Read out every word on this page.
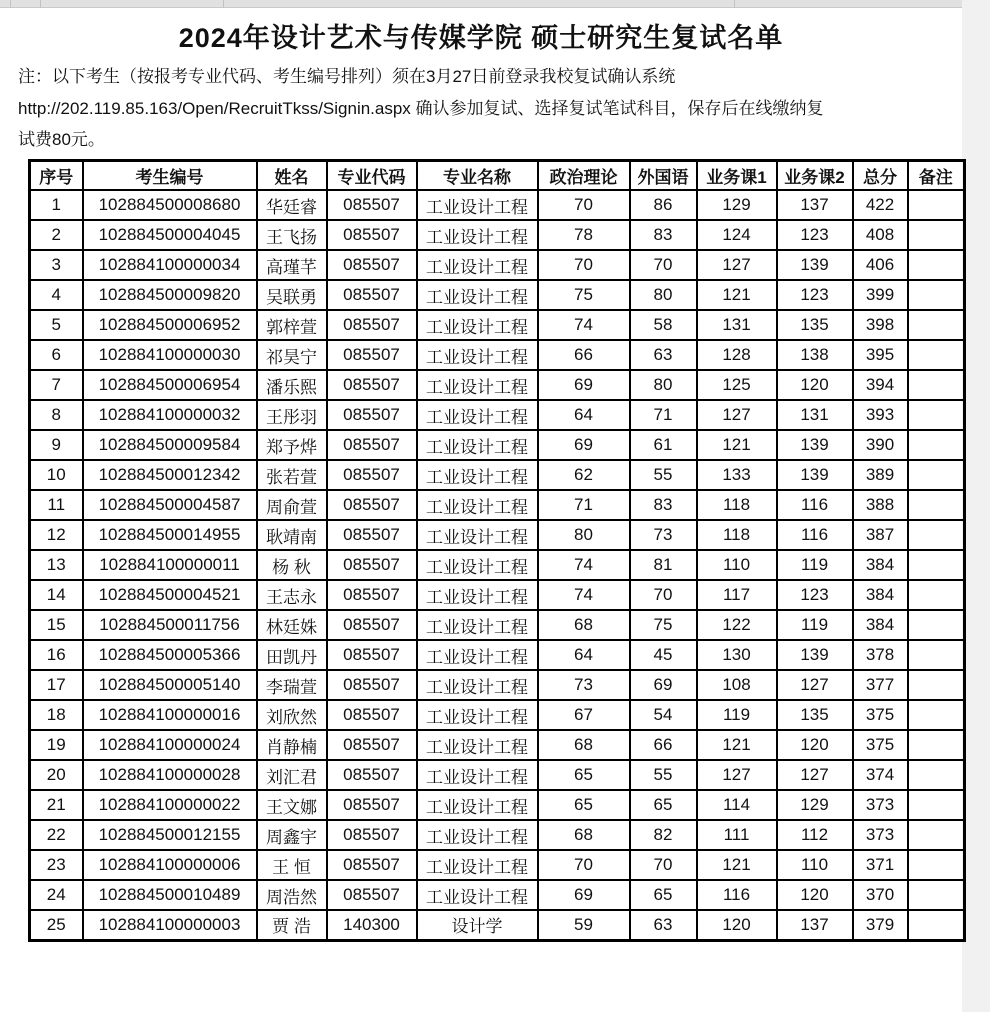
2024年设计艺术与传媒学院 硕士研究生复试名单
注：以下考生（按报考专业代码、考生编号排列）须在3月27日前登录我校复试确认系统
http://202.119.85.163/Open/RecruitTkss/Signin.aspx 确认参加复试、选择复试笔试科目，保存后在线缴纳复
试费80元。
序号	考生编号	姓名	专业代码	专业名称	政治理论	外国语	业务课1	业务课2	总分	备注
1	102884500008680	华廷睿	085507	工业设计工程	70	86	129	137	422	
2	102884500004045	王飞扬	085507	工业设计工程	78	83	124	123	408	
3	102884100000034	高瑾芊	085507	工业设计工程	70	70	127	139	406	
4	102884500009820	吴联勇	085507	工业设计工程	75	80	121	123	399	
5	102884500006952	郭梓萱	085507	工业设计工程	74	58	131	135	398	
6	102884100000030	祁昊宁	085507	工业设计工程	66	63	128	138	395	
7	102884500006954	潘乐熙	085507	工业设计工程	69	80	125	120	394	
8	102884100000032	王彤羽	085507	工业设计工程	64	71	127	131	393	
9	102884500009584	郑予烨	085507	工业设计工程	69	61	121	139	390	
10	102884500012342	张若萱	085507	工业设计工程	62	55	133	139	389	
11	102884500004587	周俞萱	085507	工业设计工程	71	83	118	116	388	
12	102884500014955	耿靖南	085507	工业设计工程	80	73	118	116	387	
13	102884100000011	杨 秋	085507	工业设计工程	74	81	110	119	384	
14	102884500004521	王志永	085507	工业设计工程	74	70	117	123	384	
15	102884500011756	林廷姝	085507	工业设计工程	68	75	122	119	384	
16	102884500005366	田凯丹	085507	工业设计工程	64	45	130	139	378	
17	102884500005140	李瑞萱	085507	工业设计工程	73	69	108	127	377	
18	102884100000016	刘欣然	085507	工业设计工程	67	54	119	135	375	
19	102884100000024	肖静楠	085507	工业设计工程	68	66	121	120	375	
20	102884100000028	刘汇君	085507	工业设计工程	65	55	127	127	374	
21	102884100000022	王文娜	085507	工业设计工程	65	65	114	129	373	
22	102884500012155	周鑫宇	085507	工业设计工程	68	82	111	112	373	
23	102884100000006	王 恒	085507	工业设计工程	70	70	121	110	371	
24	102884500010489	周浩然	085507	工业设计工程	69	65	116	120	370	
25	102884100000003	贾 浩	140300	设计学	59	63	120	137	379	
